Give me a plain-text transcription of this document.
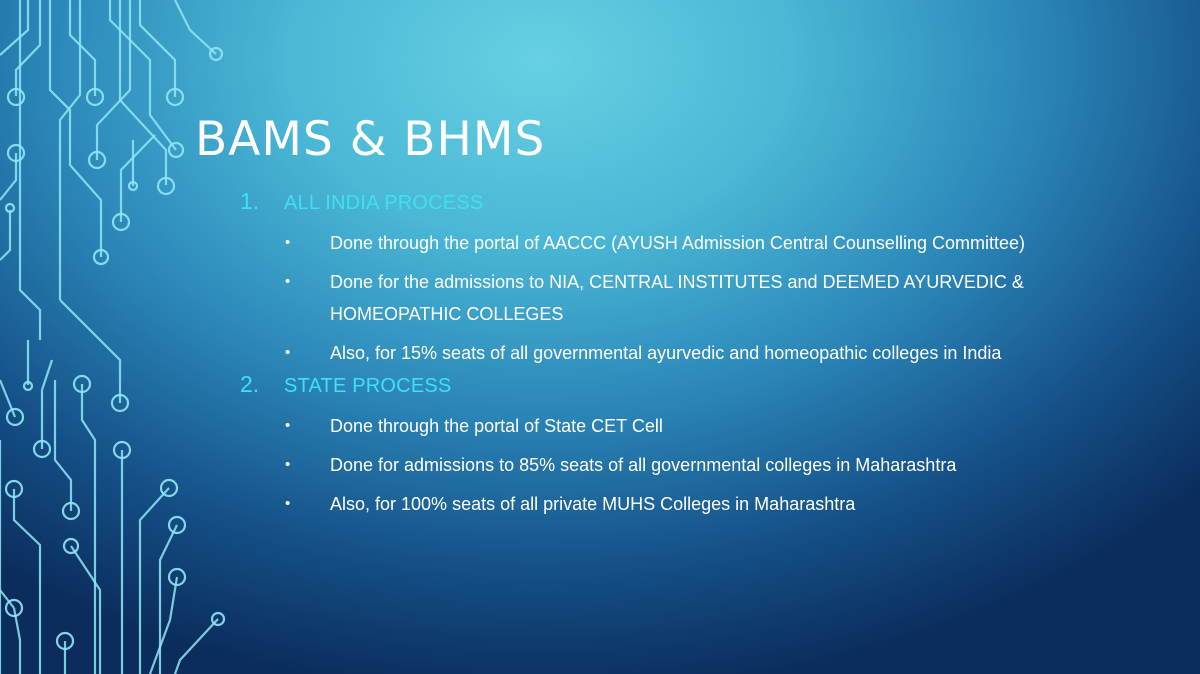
BAMS & BHMS
1.	ALL INDIA PROCESS
•	Done through the portal of AACCC (AYUSH Admission Central Counselling Committee)
•	Done for the admissions to NIA, CENTRAL INSTITUTES and DEEMED AYURVEDIC & HOMEOPATHIC COLLEGES
•	Also, for 15% seats of all governmental ayurvedic and homeopathic colleges in India
2.	STATE PROCESS
•	Done through the portal of State CET Cell
•	Done for admissions to 85% seats of all governmental colleges in Maharashtra
•	Also, for 100% seats of all private MUHS Colleges in Maharashtra
